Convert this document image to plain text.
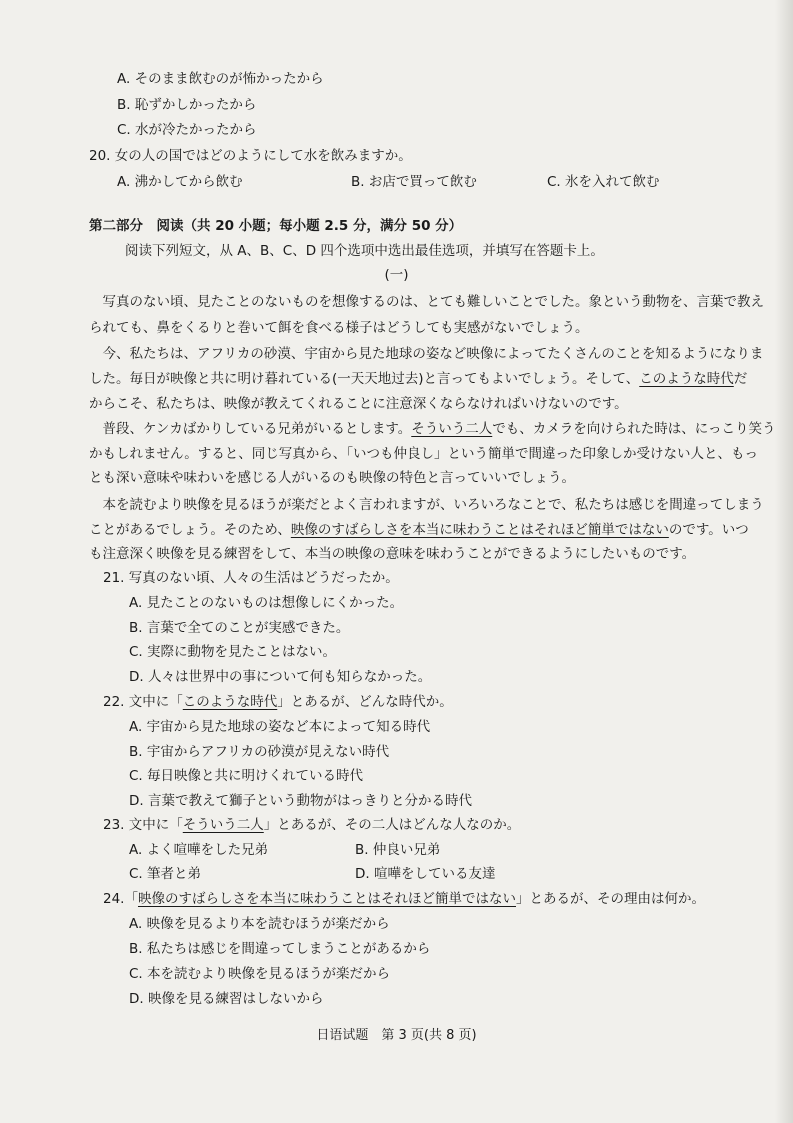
A. そのまま飲むのが怖かったから
B. 恥ずかしかったから
C. 水が冷たかったから
20. 女の人の国ではどのようにして水を飲みますか。
A. 沸かしてから飲む	B. お店で買って飲む	C. 氷を入れて飲む
第二部分　阅读（共 20 小题；每小题 2.5 分，满分 50 分）
阅读下列短文，从 A、B、C、D 四个选项中选出最佳选项，并填写在答题卡上。
(一)
　写真のない頃、見たことのないものを想像するのは、とても難しいことでした。象という動物を、言葉で教え
られても、鼻をくるりと巻いて餌を食べる様子はどうしても実感がないでしょう。
　今、私たちは、アフリカの砂漠、宇宙から見た地球の姿など映像によってたくさんのことを知るようになりま
した。毎日が映像と共に明け暮れている(一天天地过去)と言ってもよいでしょう。そして、このような時代だ
からこそ、私たちは、映像が教えてくれることに注意深くならなければいけないのです。
　普段、ケンカばかりしている兄弟がいるとします。そういう二人でも、カメラを向けられた時は、にっこり笑う
かもしれません。すると、同じ写真から、「いつも仲良し」という簡単で間違った印象しか受けない人と、もっ
とも深い意味や味わいを感じる人がいるのも映像の特色と言っていいでしょう。
　本を読むより映像を見るほうが楽だとよく言われますが、いろいろなことで、私たちは感じを間違ってしまう
ことがあるでしょう。そのため、映像のすばらしさを本当に味わうことはそれほど簡単ではないのです。いつ
も注意深く映像を見る練習をして、本当の映像の意味を味わうことができるようにしたいものです。
21. 写真のない頃、人々の生活はどうだったか。
A. 見たことのないものは想像しにくかった。
B. 言葉で全てのことが実感できた。
C. 実際に動物を見たことはない。
D. 人々は世界中の事について何も知らなかった。
22. 文中に「このような時代」とあるが、どんな時代か。
A. 宇宙から見た地球の姿など本によって知る時代
B. 宇宙からアフリカの砂漠が見えない時代
C. 毎日映像と共に明けくれている時代
D. 言葉で教えて獅子という動物がはっきりと分かる時代
23. 文中に「そういう二人」とあるが、その二人はどんな人なのか。
A. よく喧嘩をした兄弟	B. 仲良い兄弟
C. 筆者と弟	D. 喧嘩をしている友達
24.「映像のすばらしさを本当に味わうことはそれほど簡単ではない」とあるが、その理由は何か。
A. 映像を見るより本を読むほうが楽だから
B. 私たちは感じを間違ってしまうことがあるから
C. 本を読むより映像を見るほうが楽だから
D. 映像を見る練習はしないから
日语试题　第 3 页(共 8 页)
